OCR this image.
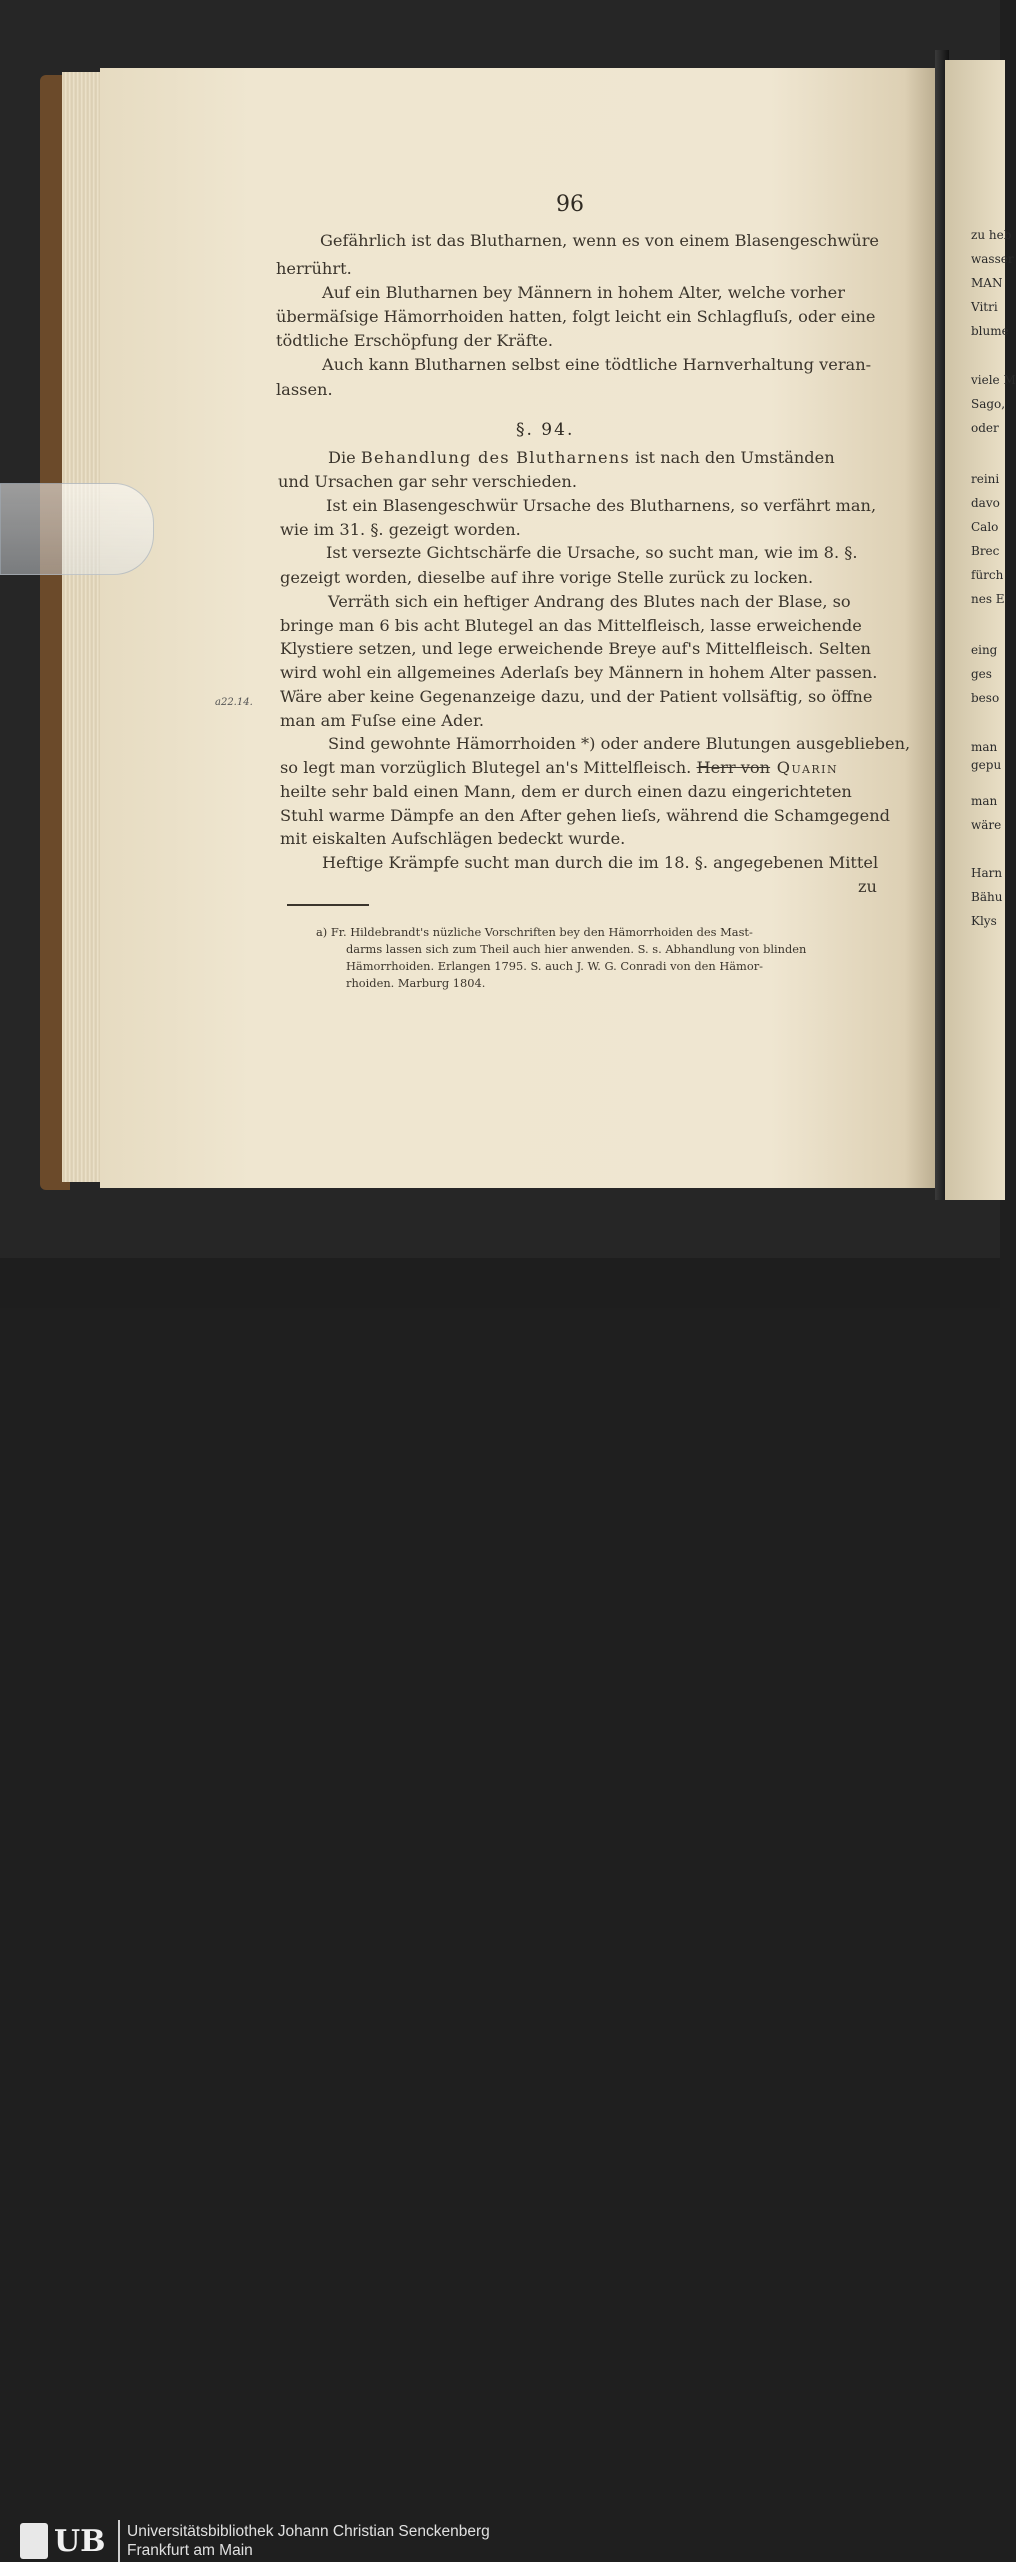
zu heb
wasser
MAN
Vitri
blume
viele M
Sago,
oder
reini
davo
Calo
Brec
fürch
nes E
eing
ges
beso
man
gepu
man
wäre
Harn
Bähu
Klys
96
Gefährlich ist das Blutharnen, wenn es von einem Blasengeschwüre
herrührt.
Auf ein Blutharnen bey Männern in hohem Alter, welche vorher
übermäſsige Hämorrhoiden hatten, folgt leicht ein Schlagfluſs, oder eine
tödtliche Erschöpfung der Kräfte.
Auch kann Blutharnen selbst eine tödtliche Harnverhaltung veran-
lassen.
§. 94.
Die Behandlung des Blutharnens ist nach den Umständen
und Ursachen gar sehr verschieden.
Ist ein Blasengeschwür Ursache des Blutharnens, so verfährt man,
wie im 31. §. gezeigt worden.
Ist versezte Gichtschärfe die Ursache, so sucht man, wie im 8. §.
gezeigt worden, dieselbe auf ihre vorige Stelle zurück zu locken.
Verräth sich ein heftiger Andrang des Blutes nach der Blase, so
bringe man 6 bis acht Blutegel an das Mittelfleisch, lasse erweichende
Klystiere setzen, und lege erweichende Breye auf's Mittelfleisch. Selten
wird wohl ein allgemeines Aderlaſs bey Männern in hohem Alter passen.
Wäre aber keine Gegenanzeige dazu, und der Patient vollsäftig, so öffne
man am Fuſse eine Ader.
Sind gewohnte Hämorrhoiden *) oder andere Blutungen ausgeblieben,
so legt man vorzüglich Blutegel an's Mittelfleisch. Herr von Quarin
heilte sehr bald einen Mann, dem er durch einen dazu eingerichteten
Stuhl warme Dämpfe an den After gehen lieſs, während die Schamgegend
mit eiskalten Aufschlägen bedeckt wurde.
Heftige Krämpfe sucht man durch die im 18. §. angegebenen Mittel
zu
a22.14.
a) Fr. Hildebrandt's nüzliche Vorschriften bey den Hämorrhoiden des Mast-
darms lassen sich zum Theil auch hier anwenden. S. s. Abhandlung von blinden
Hämorrhoiden. Erlangen 1795. S. auch J. W. G. Conradi von den Hämor-
rhoiden. Marburg 1804.
UB Universitätsbibliothek Johann Christian Senckenberg
Frankfurt am Main
